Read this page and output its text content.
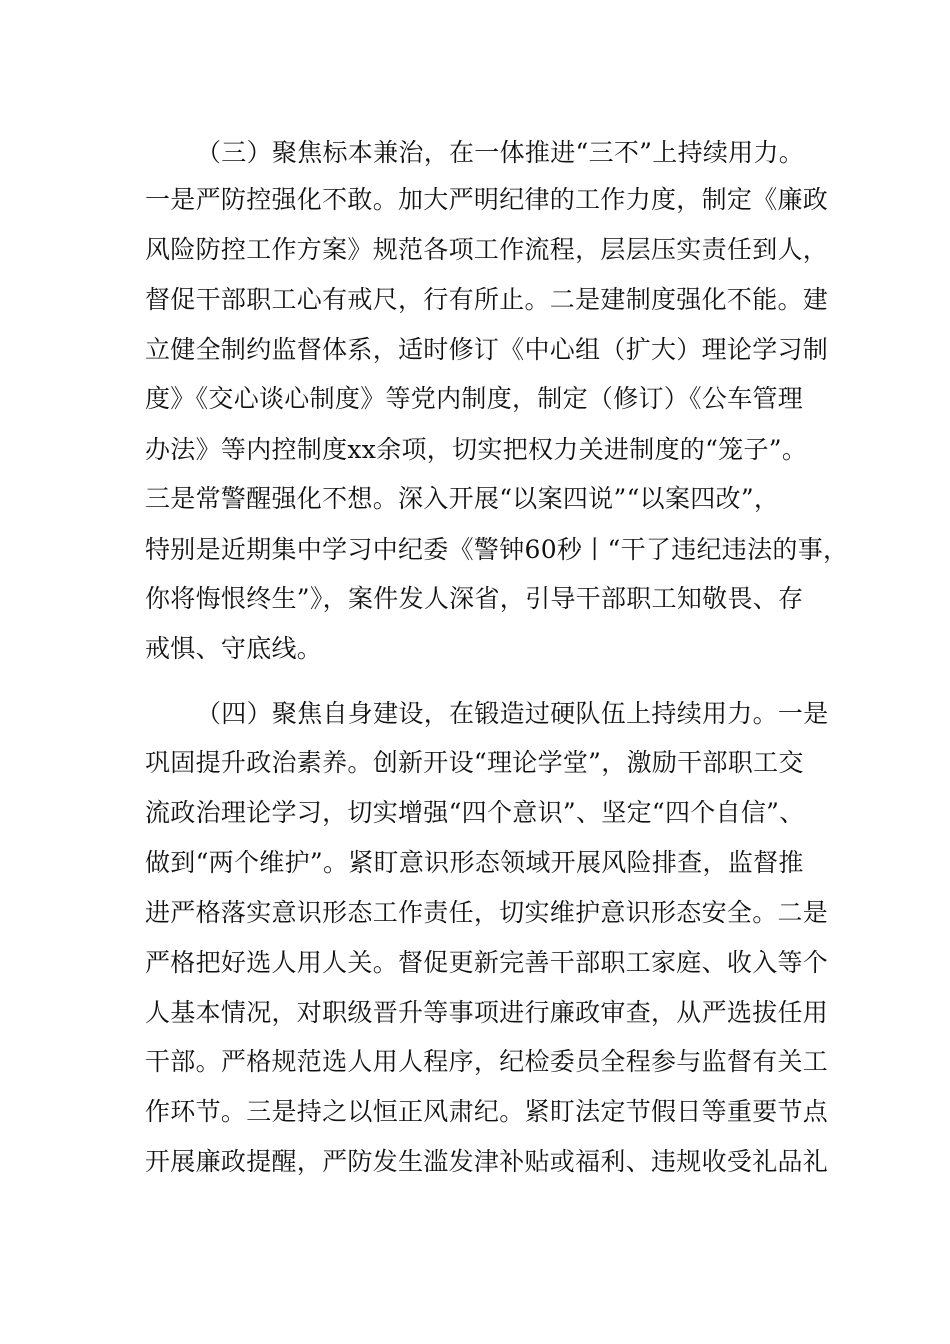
（三）聚焦标本兼治，在一体推进“三不”上持续用力。
一是严防控强化不敢。加大严明纪律的工作力度，制定《廉政
风险防控工作方案》规范各项工作流程，层层压实责任到人，
督促干部职工心有戒尺，行有所止。二是建制度强化不能。建
立健全制约监督体系，适时修订《中心组（扩大）理论学习制
度》《交心谈心制度》等党内制度，制定（修订）《公车管理
办法》等内控制度xx余项，切实把权力关进制度的“笼子”。
三是常警醒强化不想。深入开展“以案四说”“以案四改”，
特别是近期集中学习中纪委《警钟60秒丨“干了违纪违法的事，
你将悔恨终生”》，案件发人深省，引导干部职工知敬畏、存
戒惧、守底线。
（四）聚焦自身建设，在锻造过硬队伍上持续用力。一是
巩固提升政治素养。创新开设“理论学堂”，激励干部职工交
流政治理论学习，切实增强“四个意识”、坚定“四个自信”、
做到“两个维护”。紧盯意识形态领域开展风险排查，监督推
进严格落实意识形态工作责任，切实维护意识形态安全。二是
严格把好选人用人关。督促更新完善干部职工家庭、收入等个
人基本情况，对职级晋升等事项进行廉政审查，从严选拔任用
干部。严格规范选人用人程序，纪检委员全程参与监督有关工
作环节。三是持之以恒正风肃纪。紧盯法定节假日等重要节点
开展廉政提醒，严防发生滥发津补贴或福利、违规收受礼品礼
